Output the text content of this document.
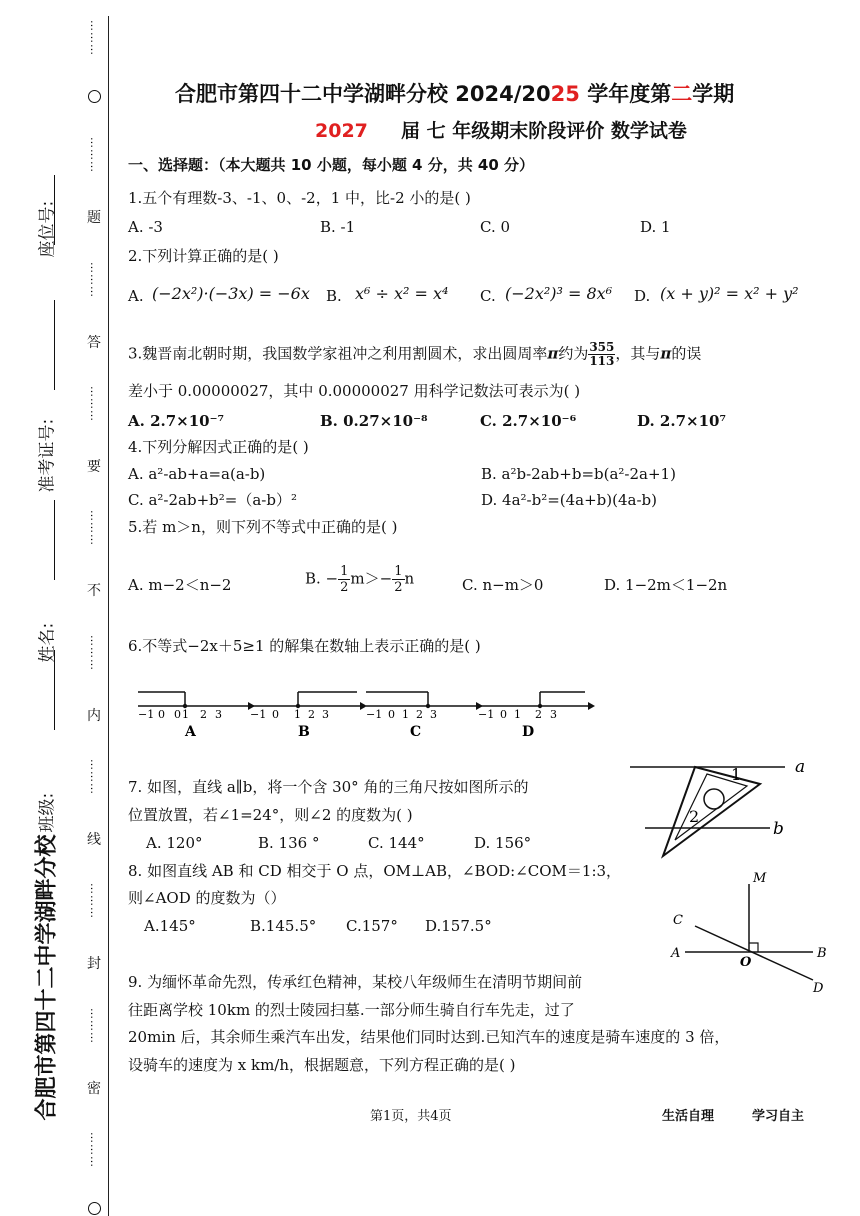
座位号:
准考证号:
姓名:
班级:
合肥市第四十二中学湖畔分校
………
………
题
………
答
………
要
………
不
………
内
………
线
………
封
………
密
………
合肥市第四十二中学湖畔分校 2024/2025 学年度第二学期
2027 届 七 年级期末阶段评价 数学试卷
一、选择题：（本大题共 10 小题，每小题 4 分，共 40 分）
1.五个有理数-3、-1、0、-2，1 中，比-2 小的是( )
A. -3	B. -1	C. 0	D. 1
2.下列计算正确的是( )
A. (−2x²)·(−3x) = −6x B. x⁶ ÷ x² = x⁴ C. (−2x²)³ = 8x⁶ D. (x + y)² = x² + y²
3.魏晋南北朝时期，我国数学家祖冲之利用割圆术，求出圆周率π约为 $\frac{355}{113}$ ，其与π的误
差小于 0.00000027，其中 0.00000027 用科学记数法可表示为( )
A. 2.7×10⁻⁷	B. 0.27×10⁻⁸	C. 2.7×10⁻⁶	D. 2.7×10⁷
4.下列分解因式正确的是( )
A. a²-ab+a=a(a-b)	B. a²b-2ab+b=b(a²-2a+1)
C. a²-2ab+b²=（a-b）²	D. 4a²-b²=(4a+b)(4a-b)
5.若 m＞n，则下列不等式中正确的是( )
A. m−2＜n−2	B. − $\frac{1}{2} m>- \frac{1}{2}$ n	C. n−m＞0	D. 1−2m＜1−2n
6.不等式−2x＋5≥1 的解集在数轴上表示正确的是( )
−1 0 0 1 2 3
A
−1 0 1 2 3
B
−1 0 1 2 3
C
−1 0 1 2 3
D
7. 如图，直线 a∥b，将一个含 30° 角的三角尺按如图所示的
位置放置，若∠1=24°，则∠2 的度数为( )
A. 120°	B. 136 °	C. 144°	D. 156°
a
b
1
2
8. 如图直线 AB 和 CD 相交于 O 点，OM⊥AB，∠BOD:∠COM＝1:3，
则∠AOD 的度数为（）
A.145°	B.145.5° C.157° D.157.5°
M
C
A
O
B
D
9. 为缅怀革命先烈，传承红色精神，某校八年级师生在清明节期间前
往距离学校 10km 的烈士陵园扫墓.一部分师生骑自行车先走，过了
20min 后，其余师生乘汽车出发，结果他们同时达到.已知汽车的速度是骑车速度的 3 倍，
设骑车的速度为 x km/h，根据题意，下列方程正确的是( )
第1页，共4页	生活自理	学习自主
